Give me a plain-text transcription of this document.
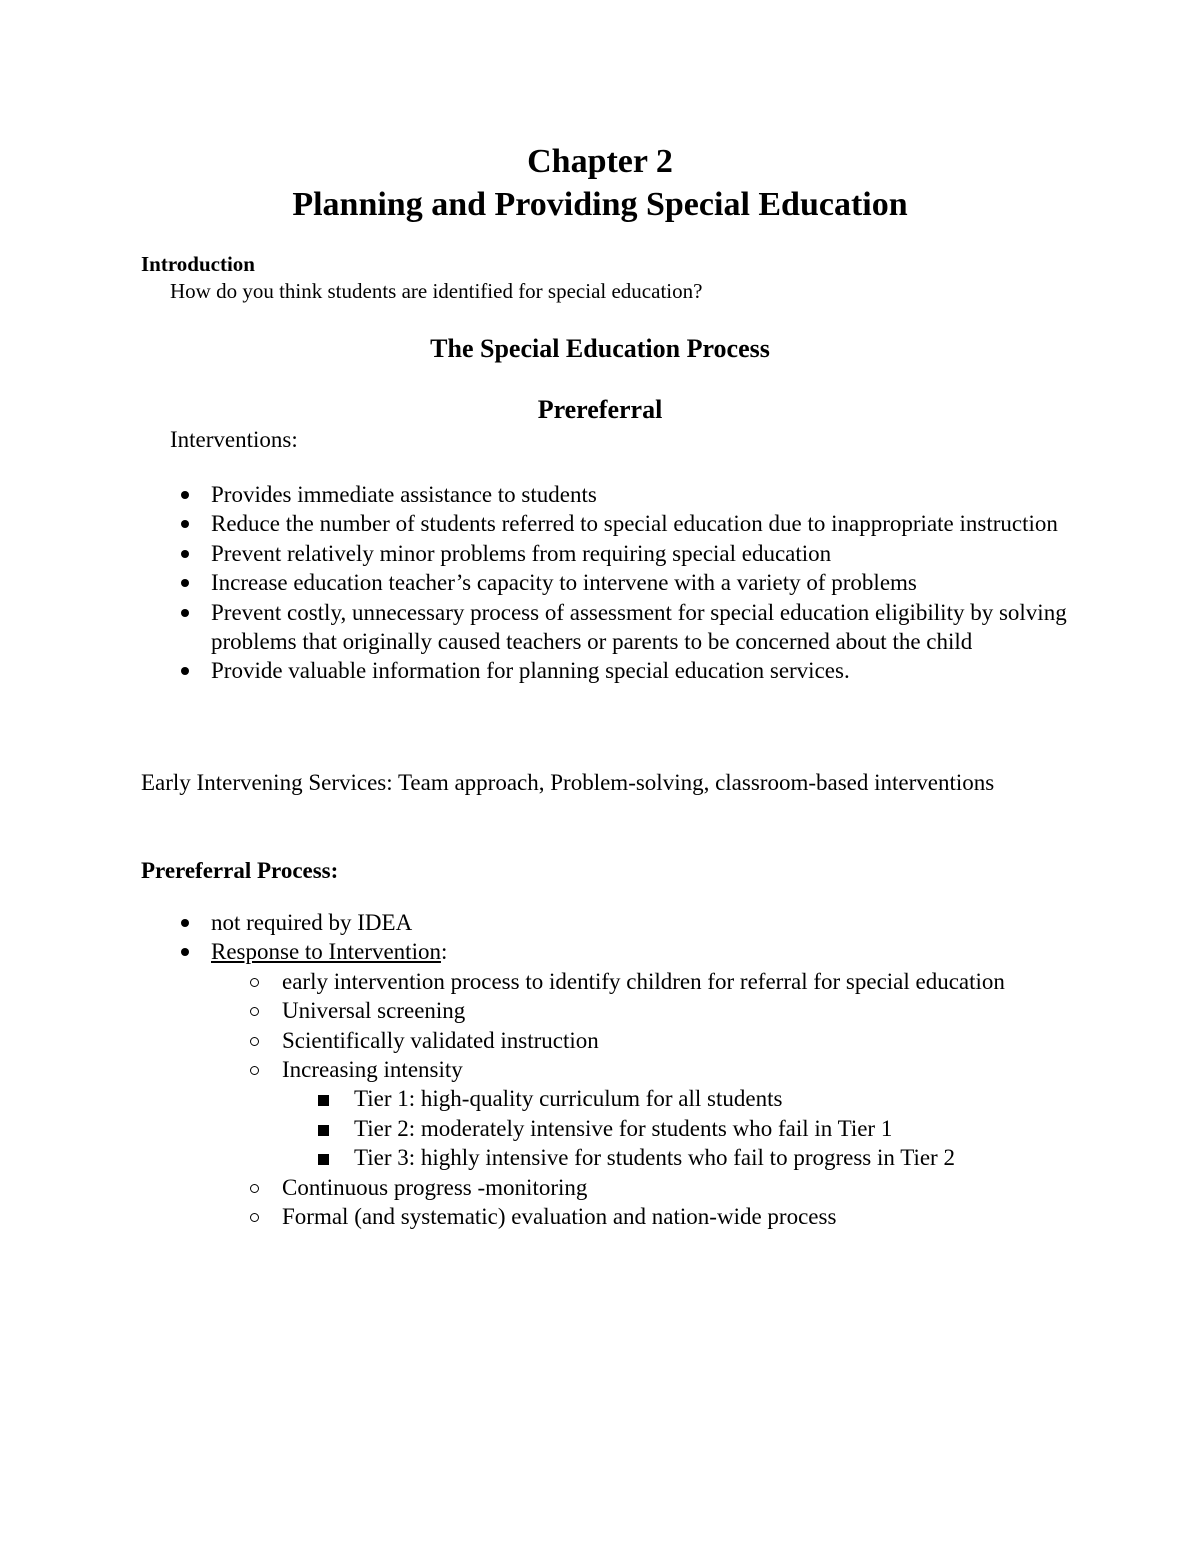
Chapter 2
Planning and Providing Special Education
Introduction
How do you think students are identified for special education?
The Special Education Process
Prereferral
Interventions:
Provides immediate assistance to students
Reduce the number of students referred to special education due to inappropriate instruction
Prevent relatively minor problems from requiring special education
Increase education teacher’s capacity to intervene with a variety of problems
Prevent costly, unnecessary process of assessment for special education eligibility by solving problems that originally caused teachers or parents to be concerned about the child
Provide valuable information for planning special education services.
Early Intervening Services: Team approach, Problem-solving, classroom-based interventions
Prereferral Process:
not required by IDEA
Response to Intervention:
early intervention process to identify children for referral for special education
Universal screening
Scientifically validated instruction
Increasing intensity
Tier 1: high-quality curriculum for all students
Tier 2: moderately intensive for students who fail in Tier 1
Tier 3: highly intensive for students who fail to progress in Tier 2
Continuous progress -monitoring
Formal (and systematic) evaluation and nation-wide process
